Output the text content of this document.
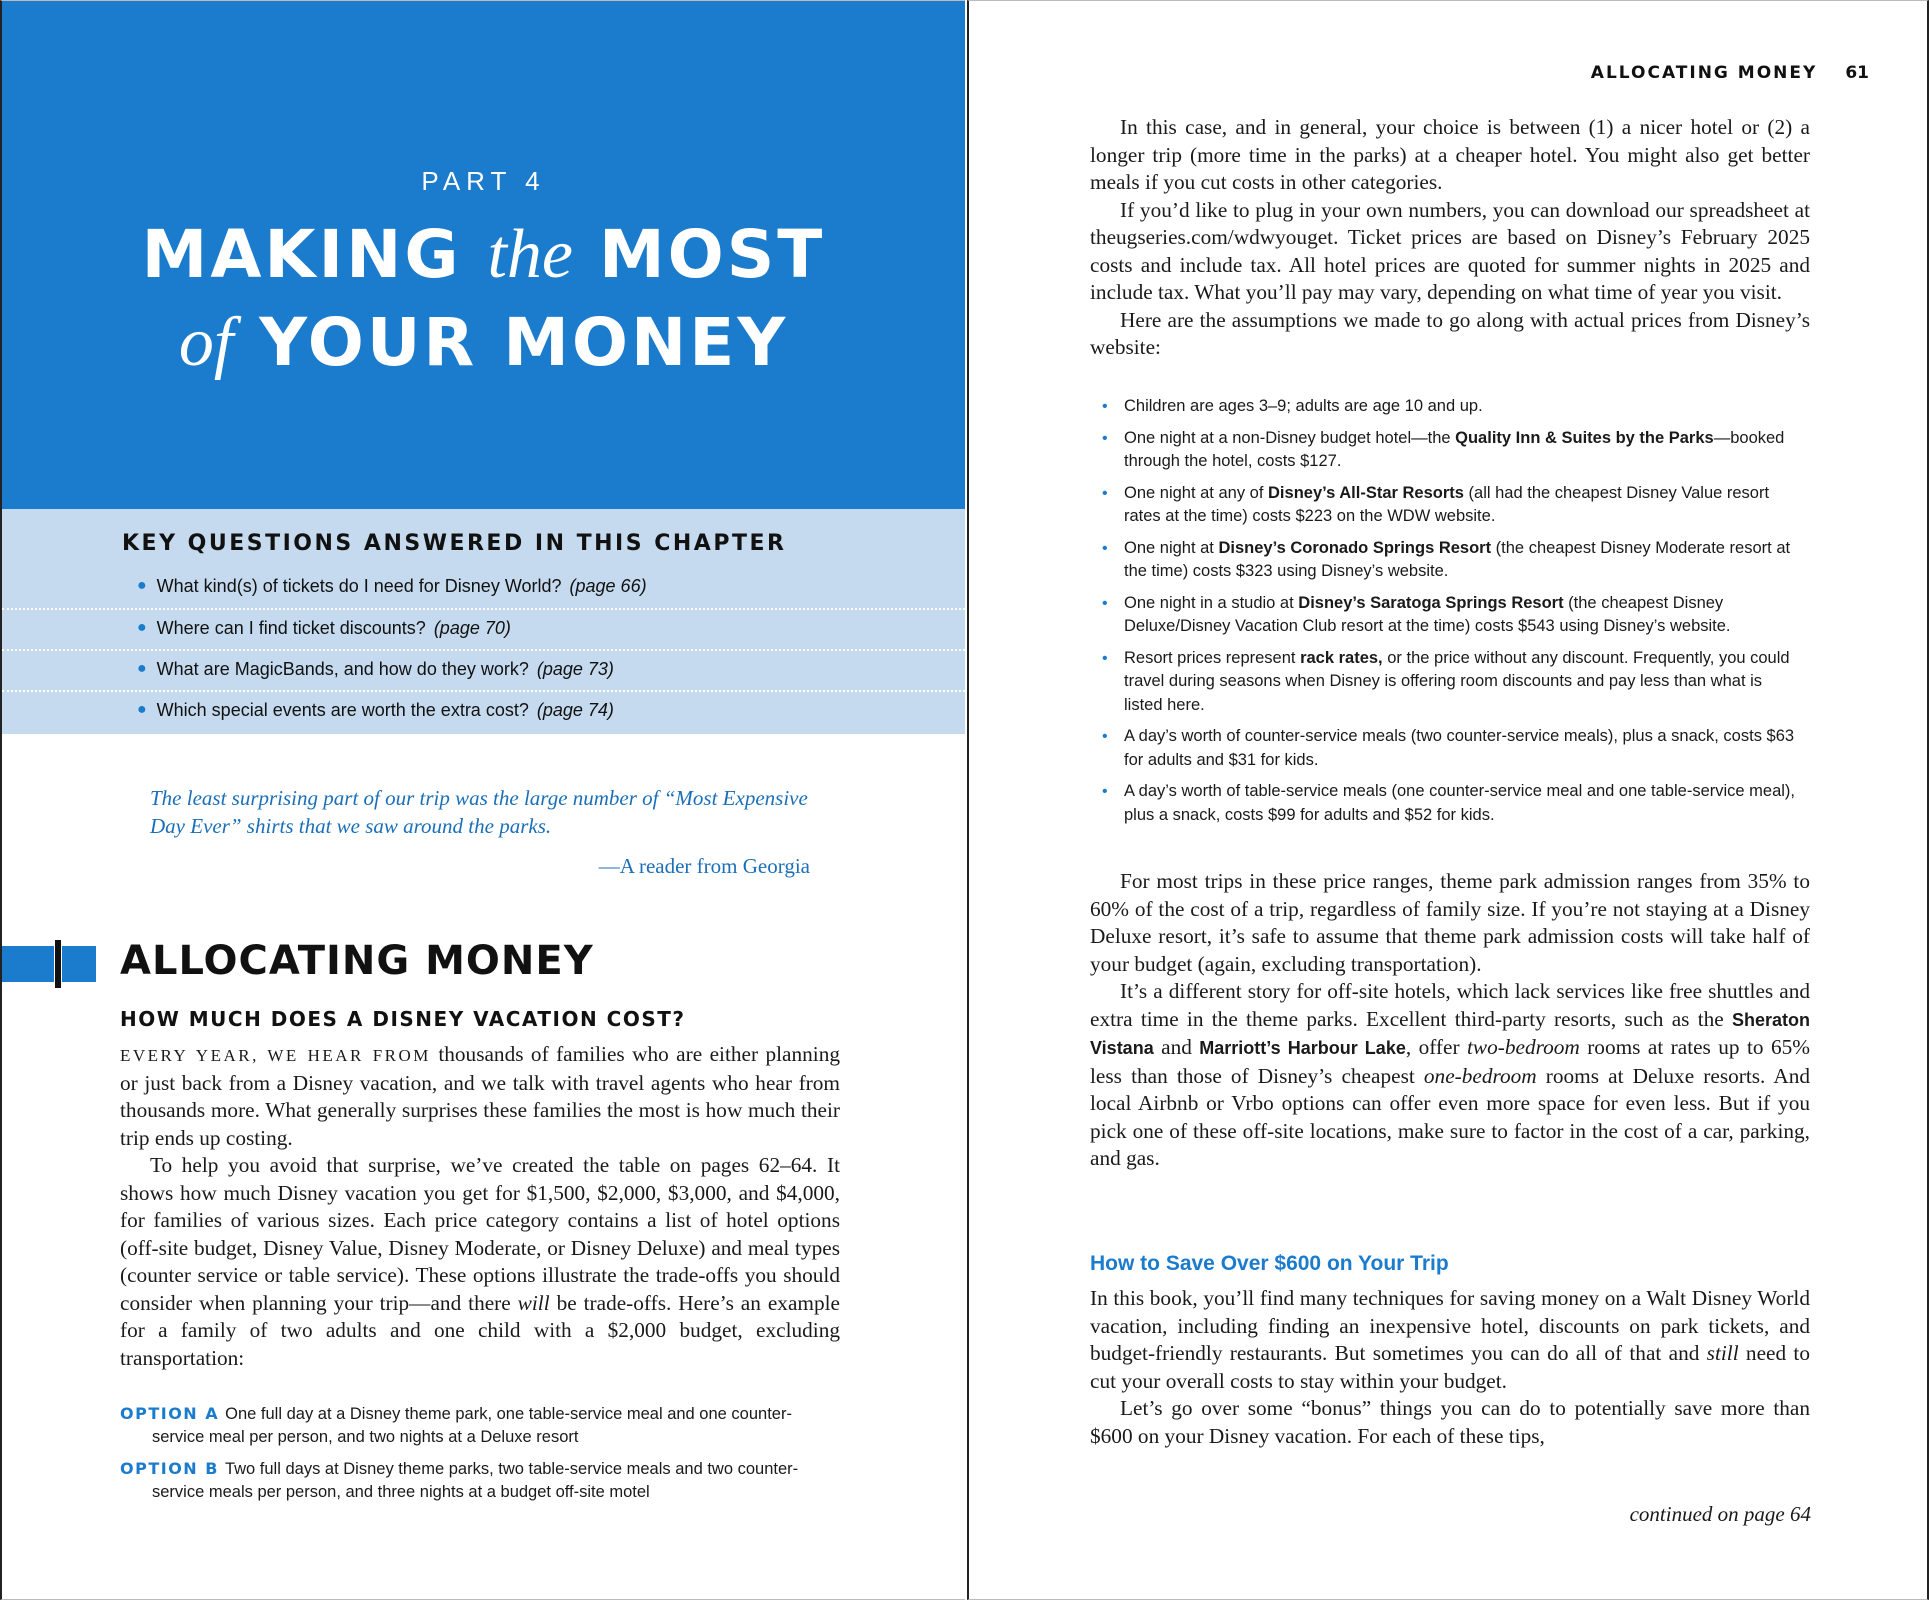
PART 4
MAKING the MOST
of YOUR MONEY
KEY QUESTIONS ANSWERED IN THIS CHAPTER
● What kind(s) of tickets do I need for Disney World? (page 66)
● Where can I find ticket discounts? (page 70)
● What are MagicBands, and how do they work? (page 73)
● Which special events are worth the extra cost? (page 74)
The least surprising part of our trip was the large number of “Most Expensive Day Ever” shirts that we saw around the parks.
—A reader from Georgia
ALLOCATING MONEY
HOW MUCH DOES A DISNEY VACATION COST?

EVERY YEAR, WE HEAR FROM thousands of families who are either planning or just back from a Disney vacation, and we talk with travel agents who hear from thousands more. What generally surprises these families the most is how much their trip ends up costing.

To help you avoid that surprise, we’ve created the table on pages 62–64. It shows how much Disney vacation you get for $1,500, $2,000, $3,000, and $4,000, for families of various sizes. Each price category contains a list of hotel options (off-site budget, Disney Value, Disney Moderate, or Disney Deluxe) and meal types (counter service or table service). These options illustrate the trade-offs you should consider when planning your trip—and there will be trade-offs. Here’s an example for a family of two adults and one child with a $2,000 budget, excluding transportation:

OPTION A One full day at a Disney theme park, one table-service meal and one counter-service meal per person, and two nights at a Deluxe resort
OPTION B Two full days at Disney theme parks, two table-service meals and two counter-service meals per person, and three nights at a budget off-site motel
ALLOCATING MONEY 61

In this case, and in general, your choice is between (1) a nicer hotel or (2) a longer trip (more time in the parks) at a cheaper hotel. You might also get better meals if you cut costs in other categories.

If you’d like to plug in your own numbers, you can download our spreadsheet at theugseries.com/wdwyouget. Ticket prices are based on Disney’s February 2025 costs and include tax. All hotel prices are quoted for summer nights in 2025 and include tax. What you’ll pay may vary, depending on what time of year you visit.

Here are the assumptions we made to go along with actual prices from Disney’s website:

• Children are ages 3–9; adults are age 10 and up.
• One night at a non-Disney budget hotel—the Quality Inn & Suites by the Parks—booked through the hotel, costs $127.
• One night at any of Disney’s All-Star Resorts (all had the cheapest Disney Value resort rates at the time) costs $223 on the WDW website.
• One night at Disney’s Coronado Springs Resort (the cheapest Disney Moderate resort at the time) costs $323 using Disney’s website.
• One night in a studio at Disney’s Saratoga Springs Resort (the cheapest Disney Deluxe/Disney Vacation Club resort at the time) costs $543 using Disney’s website.
• Resort prices represent rack rates, or the price without any discount. Frequently, you could travel during seasons when Disney is offering room discounts and pay less than what is listed here.
• A day’s worth of counter-service meals (two counter-service meals), plus a snack, costs $63 for adults and $31 for kids.
• A day’s worth of table-service meals (one counter-service meal and one table-service meal), plus a snack, costs $99 for adults and $52 for kids.

For most trips in these price ranges, theme park admission ranges from 35% to 60% of the cost of a trip, regardless of family size. If you’re not staying at a Disney Deluxe resort, it’s safe to assume that theme park admission costs will take half of your budget (again, excluding transportation).

It’s a different story for off-site hotels, which lack services like free shuttles and extra time in the theme parks. Excellent third-party resorts, such as the Sheraton Vistana and Marriott’s Harbour Lake, offer two-bedroom rooms at rates up to 65% less than those of Disney’s cheapest one-bedroom rooms at Deluxe resorts. And local Airbnb or Vrbo options can offer even more space for even less. But if you pick one of these off-site locations, make sure to factor in the cost of a car, parking, and gas.

How to Save Over $600 on Your Trip

In this book, you’ll find many techniques for saving money on a Walt Disney World vacation, including finding an inexpensive hotel, discounts on park tickets, and budget-friendly restaurants. But sometimes you can do all of that and still need to cut your overall costs to stay within your budget.

Let’s go over some “bonus” things you can do to potentially save more than $600 on your Disney vacation. For each of these tips,

continued on page 64
